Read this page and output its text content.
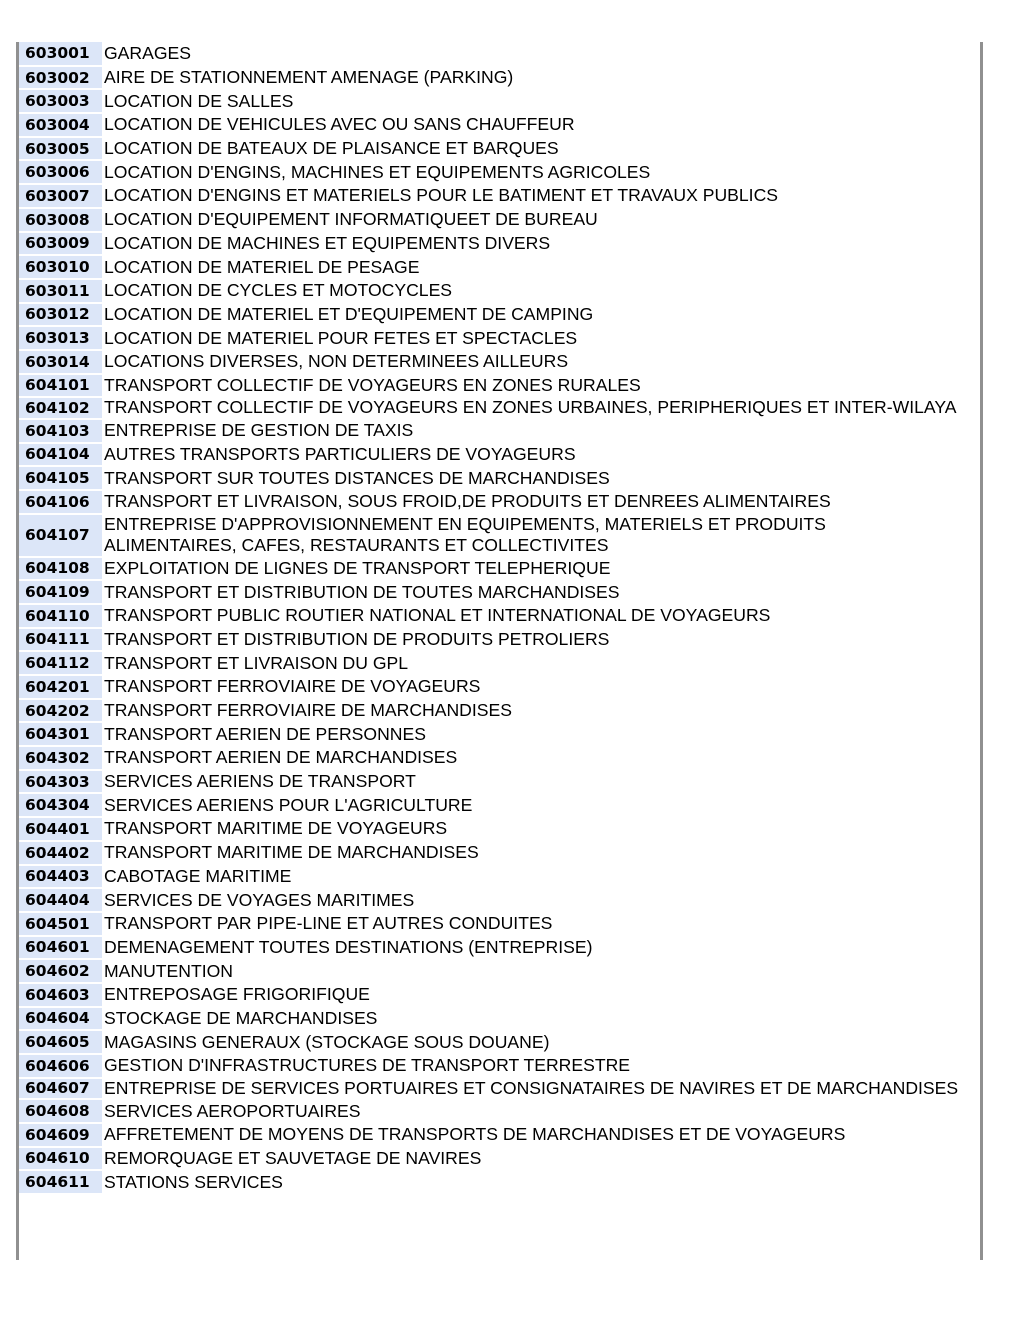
603001	GARAGES
603002	AIRE DE STATIONNEMENT AMENAGE (PARKING)
603003	LOCATION DE SALLES
603004	LOCATION DE VEHICULES AVEC OU SANS CHAUFFEUR
603005	LOCATION DE BATEAUX DE PLAISANCE ET BARQUES
603006	LOCATION D'ENGINS, MACHINES ET EQUIPEMENTS AGRICOLES
603007	LOCATION D'ENGINS ET MATERIELS POUR LE BATIMENT ET TRAVAUX PUBLICS
603008	LOCATION D'EQUIPEMENT INFORMATIQUEET DE BUREAU
603009	LOCATION DE MACHINES ET EQUIPEMENTS DIVERS
603010	LOCATION DE MATERIEL DE PESAGE
603011	LOCATION DE CYCLES ET MOTOCYCLES
603012	LOCATION DE MATERIEL ET D'EQUIPEMENT DE CAMPING
603013	LOCATION DE MATERIEL POUR FETES ET SPECTACLES
603014	LOCATIONS DIVERSES, NON DETERMINEES AILLEURS
604101	TRANSPORT COLLECTIF DE VOYAGEURS EN ZONES RURALES
604102	TRANSPORT COLLECTIF DE VOYAGEURS EN ZONES URBAINES, PERIPHERIQUES ET INTER-WILAYA
604103	ENTREPRISE DE GESTION DE TAXIS
604104	AUTRES TRANSPORTS PARTICULIERS DE VOYAGEURS
604105	TRANSPORT SUR TOUTES DISTANCES DE MARCHANDISES
604106	TRANSPORT ET LIVRAISON, SOUS FROID,DE PRODUITS ET DENREES ALIMENTAIRES
604107	ENTREPRISE D'APPROVISIONNEMENT EN EQUIPEMENTS, MATERIELS ET PRODUITS ALIMENTAIRES, CAFES, RESTAURANTS ET COLLECTIVITES
604108	EXPLOITATION DE LIGNES DE TRANSPORT TELEPHERIQUE
604109	TRANSPORT ET DISTRIBUTION DE TOUTES MARCHANDISES
604110	TRANSPORT PUBLIC ROUTIER NATIONAL ET INTERNATIONAL DE VOYAGEURS
604111	TRANSPORT ET DISTRIBUTION DE PRODUITS PETROLIERS
604112	TRANSPORT ET LIVRAISON DU GPL
604201	TRANSPORT FERROVIAIRE DE VOYAGEURS
604202	TRANSPORT FERROVIAIRE DE MARCHANDISES
604301	TRANSPORT AERIEN DE PERSONNES
604302	TRANSPORT AERIEN DE MARCHANDISES
604303	SERVICES AERIENS DE TRANSPORT
604304	SERVICES AERIENS POUR L'AGRICULTURE
604401	TRANSPORT MARITIME DE VOYAGEURS
604402	TRANSPORT MARITIME DE MARCHANDISES
604403	CABOTAGE MARITIME
604404	SERVICES DE VOYAGES MARITIMES
604501	TRANSPORT PAR PIPE-LINE ET AUTRES CONDUITES
604601	DEMENAGEMENT TOUTES DESTINATIONS (ENTREPRISE)
604602	MANUTENTION
604603	ENTREPOSAGE FRIGORIFIQUE
604604	STOCKAGE DE MARCHANDISES
604605	MAGASINS GENERAUX (STOCKAGE SOUS DOUANE)
604606	GESTION D'INFRASTRUCTURES DE TRANSPORT TERRESTRE
604607	ENTREPRISE DE SERVICES PORTUAIRES ET CONSIGNATAIRES DE NAVIRES ET DE MARCHANDISES
604608	SERVICES AEROPORTUAIRES
604609	AFFRETEMENT DE MOYENS DE TRANSPORTS DE MARCHANDISES ET DE VOYAGEURS
604610	REMORQUAGE ET SAUVETAGE DE NAVIRES
604611	STATIONS SERVICES
